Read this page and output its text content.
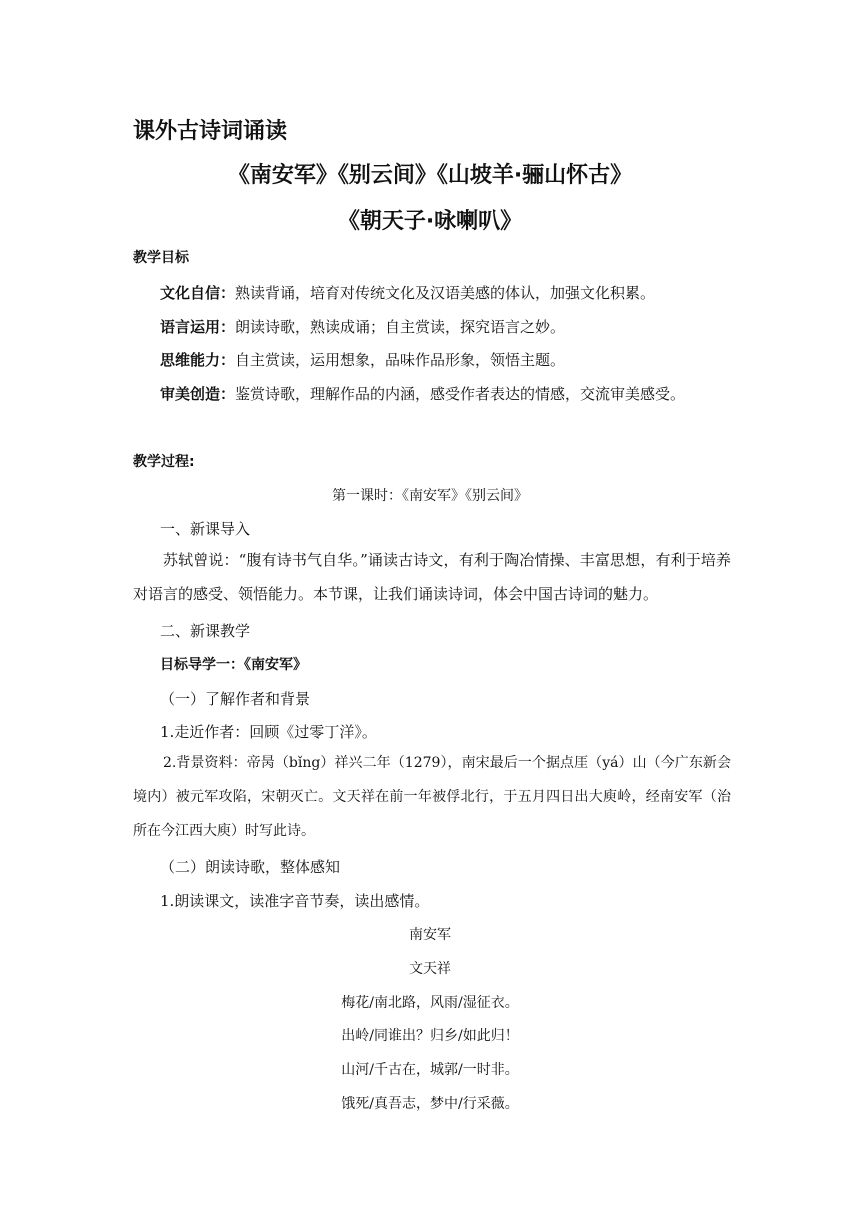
课外古诗词诵读
《南安军》《别云间》《山坡羊·骊山怀古》
《朝天子·咏喇叭》
教学目标
文化自信：熟读背诵，培育对传统文化及汉语美感的体认，加强文化积累。
语言运用：朗读诗歌，熟读成诵；自主赏读，探究语言之妙。
思维能力：自主赏读，运用想象，品味作品形象，领悟主题。
审美创造：鉴赏诗歌，理解作品的内涵，感受作者表达的情感，交流审美感受。
教学过程:
第一课时：《南安军》《别云间》
一、新课导入
苏轼曾说：“腹有诗书气自华。”诵读古诗文，有利于陶冶情操、丰富思想，有利于培养对语言的感受、领悟能力。本节课，让我们诵读诗词，体会中国古诗词的魅力。
二、新课教学
目标导学一：《南安军》
（一）了解作者和背景
1.走近作者：回顾《过零丁洋》。
2.背景资料：帝昺（bǐng）祥兴二年（1279），南宋最后一个据点厓（yá）山（今广东新会境内）被元军攻陷，宋朝灭亡。文天祥在前一年被俘北行，于五月四日出大庾岭，经南安军（治所在今江西大庾）时写此诗。
（二）朗读诗歌，整体感知
1.朗读课文，读准字音节奏，读出感情。
南安军
文天祥
梅花/南北路，风雨/湿征衣。
出岭/同谁出？归乡/如此归！
山河/千古在，城郭/一时非。
饿死/真吾志，梦中/行采薇。
